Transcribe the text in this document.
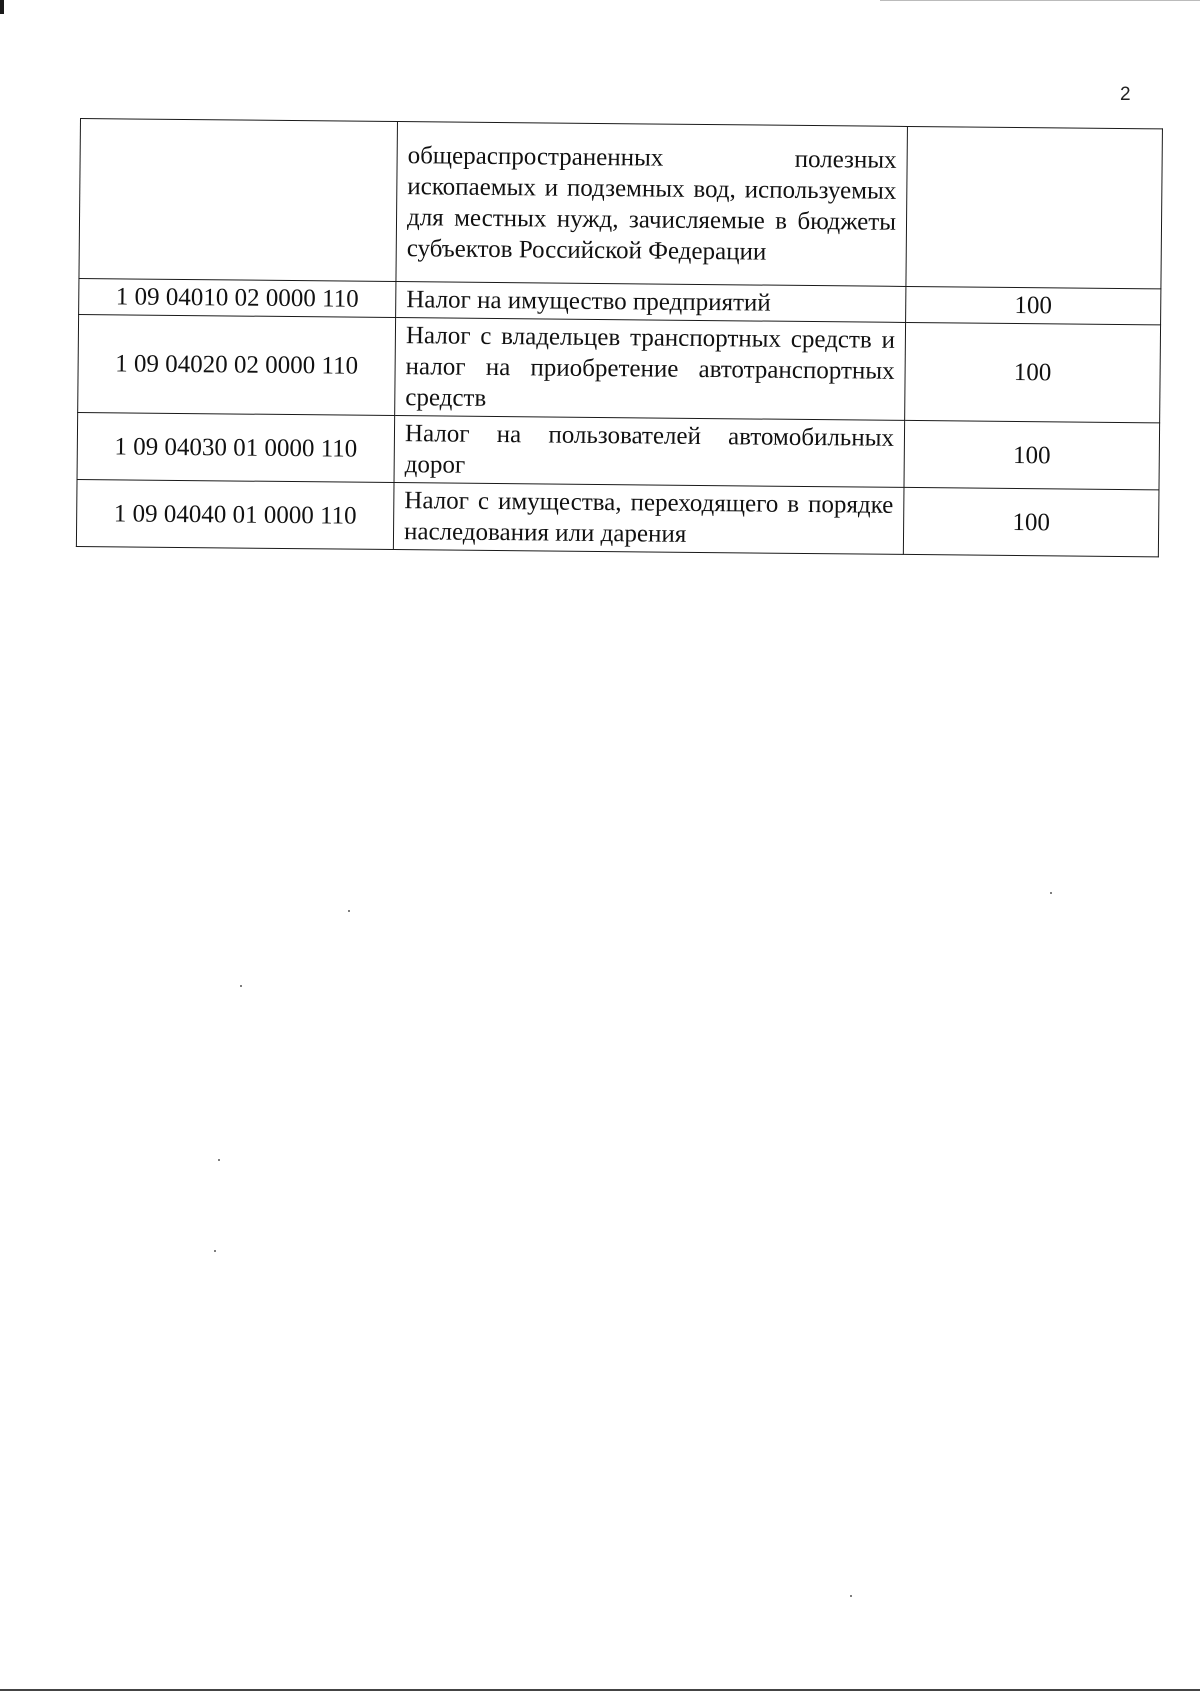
2
	общераспространенных полезных ископаемых и подземных вод, используемых для местных нужд, зачисляемые в бюджеты субъектов Российской Федерации	
1 09 04010 02 0000 110	Налог на имущество предприятий	100
1 09 04020 02 0000 110	Налог с владельцев транспортных средств и налог на приобретение автотранспортных средств	100
1 09 04030 01 0000 110	Налог на пользователей автомобильных дорог	100
1 09 04040 01 0000 110	Налог с имущества, переходящего в порядке наследования или дарения	100
